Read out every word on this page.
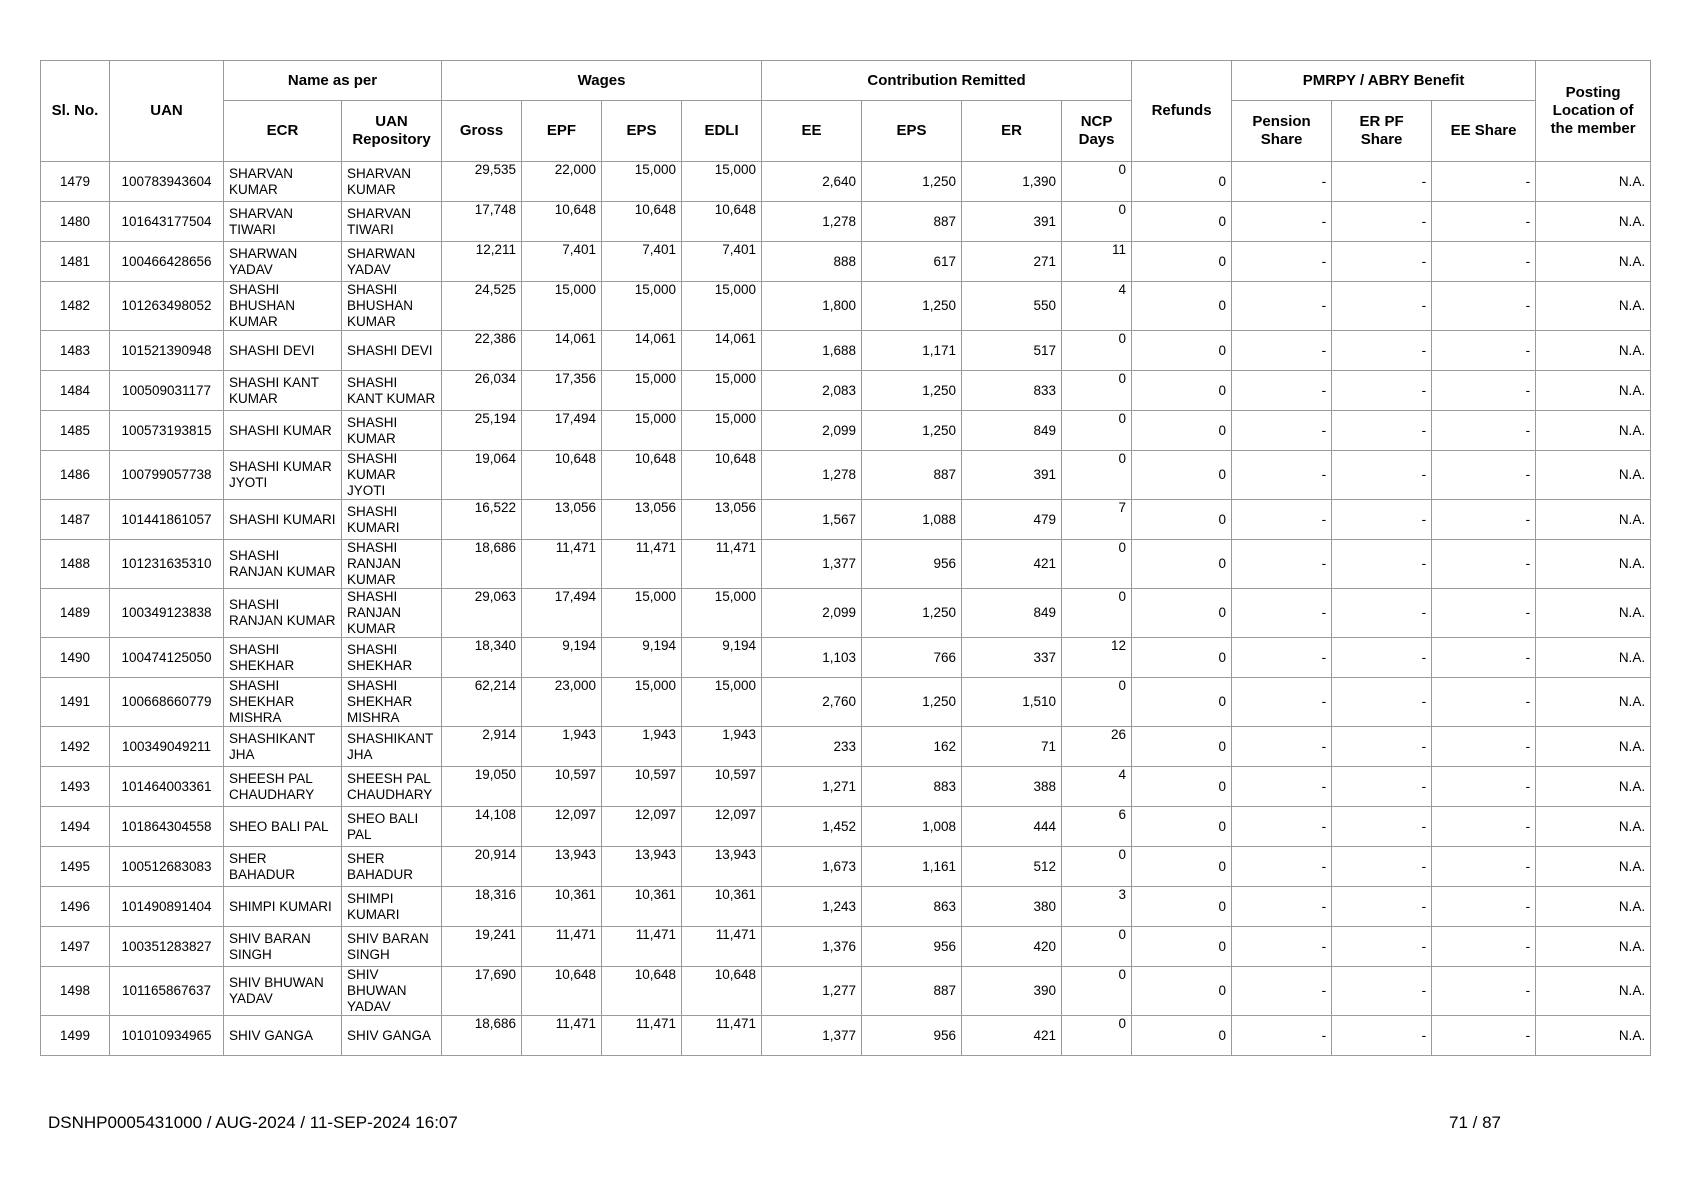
Sl. No.	UAN	Name as per		Wages				Contribution Remitted				Refunds	PMRPY / ABRY Benefit			Posting Location of the member
		ECR	UAN Repository	Gross	EPF	EPS	EDLI	EE	EPS	ER	NCP Days		Pension Share	ER PF Share	EE Share	
1479	100783943604	SHARVAN KUMAR	SHARVAN KUMAR	29,535	22,000	15,000	15,000	2,640	1,250	1,390	0	0	-	-	-	N.A.
1480	101643177504	SHARVAN TIWARI	SHARVAN TIWARI	17,748	10,648	10,648	10,648	1,278	887	391	0	0	-	-	-	N.A.
1481	100466428656	SHARWAN YADAV	SHARWAN YADAV	12,211	7,401	7,401	7,401	888	617	271	11	0	-	-	-	N.A.
1482	101263498052	SHASHI BHUSHAN KUMAR	SHASHI BHUSHAN KUMAR	24,525	15,000	15,000	15,000	1,800	1,250	550	4	0	-	-	-	N.A.
1483	101521390948	SHASHI DEVI	SHASHI DEVI	22,386	14,061	14,061	14,061	1,688	1,171	517	0	0	-	-	-	N.A.
1484	100509031177	SHASHI KANT KUMAR	SHASHI KANT KUMAR	26,034	17,356	15,000	15,000	2,083	1,250	833	0	0	-	-	-	N.A.
1485	100573193815	SHASHI KUMAR	SHASHI KUMAR	25,194	17,494	15,000	15,000	2,099	1,250	849	0	0	-	-	-	N.A.
1486	100799057738	SHASHI KUMAR JYOTI	SHASHI KUMAR JYOTI	19,064	10,648	10,648	10,648	1,278	887	391	0	0	-	-	-	N.A.
1487	101441861057	SHASHI KUMARI	SHASHI KUMARI	16,522	13,056	13,056	13,056	1,567	1,088	479	7	0	-	-	-	N.A.
1488	101231635310	SHASHI RANJAN KUMAR	SHASHI RANJAN KUMAR	18,686	11,471	11,471	11,471	1,377	956	421	0	0	-	-	-	N.A.
1489	100349123838	SHASHI RANJAN KUMAR	SHASHI RANJAN KUMAR	29,063	17,494	15,000	15,000	2,099	1,250	849	0	0	-	-	-	N.A.
1490	100474125050	SHASHI SHEKHAR	SHASHI SHEKHAR	18,340	9,194	9,194	9,194	1,103	766	337	12	0	-	-	-	N.A.
1491	100668660779	SHASHI SHEKHAR MISHRA	SHASHI SHEKHAR MISHRA	62,214	23,000	15,000	15,000	2,760	1,250	1,510	0	0	-	-	-	N.A.
1492	100349049211	SHASHIKANT JHA	SHASHIKANT JHA	2,914	1,943	1,943	1,943	233	162	71	26	0	-	-	-	N.A.
1493	101464003361	SHEESH PAL CHAUDHARY	SHEESH PAL CHAUDHARY	19,050	10,597	10,597	10,597	1,271	883	388	4	0	-	-	-	N.A.
1494	101864304558	SHEO BALI PAL	SHEO BALI PAL	14,108	12,097	12,097	12,097	1,452	1,008	444	6	0	-	-	-	N.A.
1495	100512683083	SHER BAHADUR	SHER BAHADUR	20,914	13,943	13,943	13,943	1,673	1,161	512	0	0	-	-	-	N.A.
1496	101490891404	SHIMPI KUMARI	SHIMPI KUMARI	18,316	10,361	10,361	10,361	1,243	863	380	3	0	-	-	-	N.A.
1497	100351283827	SHIV BARAN SINGH	SHIV BARAN SINGH	19,241	11,471	11,471	11,471	1,376	956	420	0	0	-	-	-	N.A.
1498	101165867637	SHIV BHUWAN YADAV	SHIV BHUWAN YADAV	17,690	10,648	10,648	10,648	1,277	887	390	0	0	-	-	-	N.A.
1499	101010934965	SHIV GANGA	SHIV GANGA	18,686	11,471	11,471	11,471	1,377	956	421	0	0	-	-	-	N.A.
DSNHP0005431000 / AUG-2024 / 11-SEP-2024 16:07	71 / 87
